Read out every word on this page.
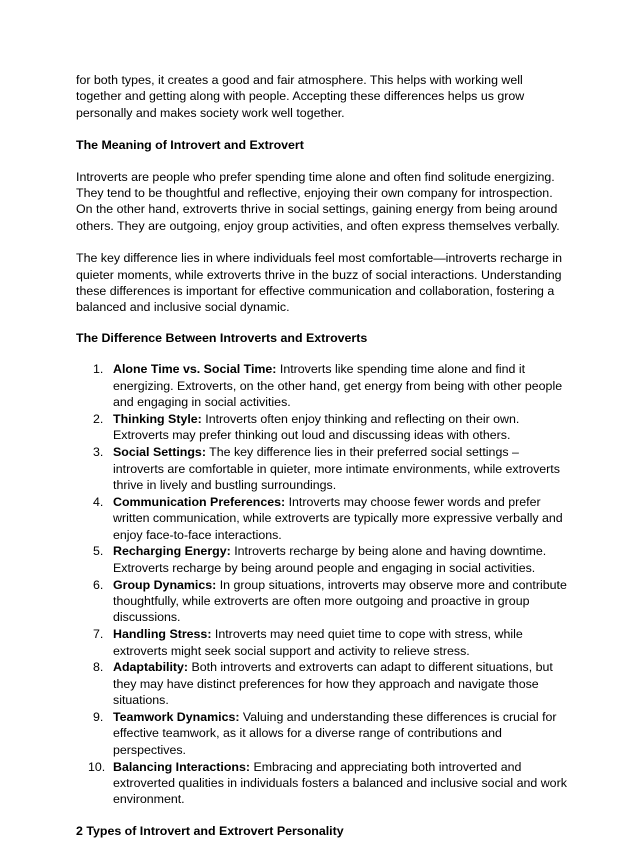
for both types, it creates a good and fair atmosphere. This helps with working well together and getting along with people. Accepting these differences helps us grow personally and makes society work well together.

The Meaning of Introvert and Extrovert

Introverts are people who prefer spending time alone and often find solitude energizing. They tend to be thoughtful and reflective, enjoying their own company for introspection. On the other hand, extroverts thrive in social settings, gaining energy from being around others. They are outgoing, enjoy group activities, and often express themselves verbally.

The key difference lies in where individuals feel most comfortable—introverts recharge in quieter moments, while extroverts thrive in the buzz of social interactions. Understanding these differences is important for effective communication and collaboration, fostering a balanced and inclusive social dynamic.

The Difference Between Introverts and Extroverts
1. Alone Time vs. Social Time: Introverts like spending time alone and find it energizing. Extroverts, on the other hand, get energy from being with other people and engaging in social activities.
2. Thinking Style: Introverts often enjoy thinking and reflecting on their own. Extroverts may prefer thinking out loud and discussing ideas with others.
3. Social Settings: The key difference lies in their preferred social settings – introverts are comfortable in quieter, more intimate environments, while extroverts thrive in lively and bustling surroundings.
4. Communication Preferences: Introverts may choose fewer words and prefer written communication, while extroverts are typically more expressive verbally and enjoy face-to-face interactions.
5. Recharging Energy: Introverts recharge by being alone and having downtime. Extroverts recharge by being around people and engaging in social activities.
6. Group Dynamics: In group situations, introverts may observe more and contribute thoughtfully, while extroverts are often more outgoing and proactive in group discussions.
7. Handling Stress: Introverts may need quiet time to cope with stress, while extroverts might seek social support and activity to relieve stress.
8. Adaptability: Both introverts and extroverts can adapt to different situations, but they may have distinct preferences for how they approach and navigate those situations.
9. Teamwork Dynamics: Valuing and understanding these differences is crucial for effective teamwork, as it allows for a diverse range of contributions and perspectives.
10. Balancing Interactions: Embracing and appreciating both introverted and extroverted qualities in individuals fosters a balanced and inclusive social and work environment.
2 Types of Introvert and Extrovert Personality
